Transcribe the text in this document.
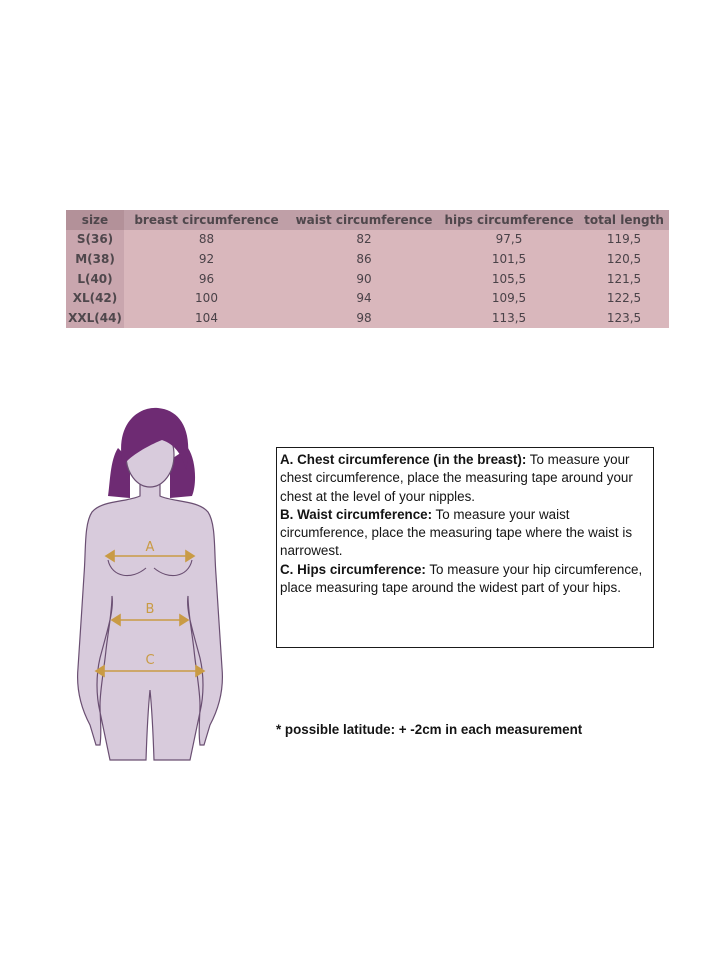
size	breast circumference	waist circumference	hips circumference	total length
S(36)	88	82	97,5	119,5
M(38)	92	86	101,5	120,5
L(40)	96	90	105,5	121,5
XL(42)	100	94	109,5	122,5
XXL(44)	104	98	113,5	123,5
A
B
C

A. Chest circumference (in the breast): To measure your chest circumference, place the measuring tape around your chest at the level of your nipples.

B. Waist circumference: To measure your waist circumference, place the measuring tape where the waist is narrowest.

C. Hips circumference: To measure your hip circumference, place measuring tape around the widest part of your hips.

* possible latitude: + -2cm in each measurement
